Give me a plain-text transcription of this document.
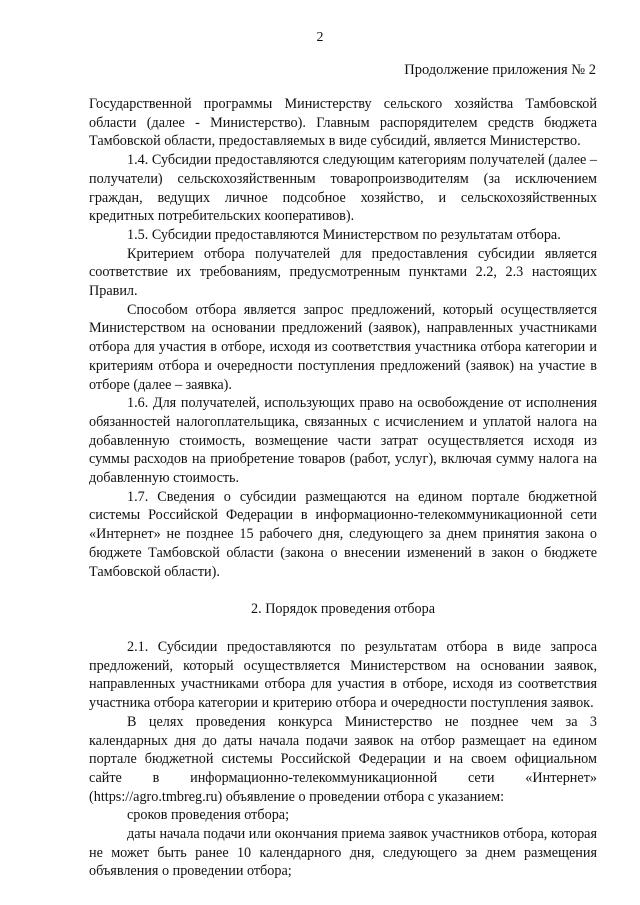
2
Продолжение приложения № 2

Государственной программы Министерству сельского хозяйства Тамбовской области (далее - Министерство). Главным распорядителем средств бюджета Тамбовской области, предоставляемых в виде субсидий, является Министерство.

1.4. Субсидии предоставляются следующим категориям получателей (далее – получатели) сельскохозяйственным товаропроизводителям (за исключением граждан, ведущих личное подсобное хозяйство, и сельскохозяйственных кредитных потребительских кооперативов).

1.5. Субсидии предоставляются Министерством по результатам отбора.

Критерием отбора получателей для предоставления субсидии является соответствие их требованиям, предусмотренным пунктами 2.2, 2.3 настоящих Правил.

Способом отбора является запрос предложений, который осуществляется Министерством на основании предложений (заявок), направленных участниками отбора для участия в отборе, исходя из соответствия участника отбора категории и критериям отбора и очередности поступления предложений (заявок) на участие в отборе (далее – заявка).

1.6. Для получателей, использующих право на освобождение от исполнения обязанностей налогоплательщика, связанных с исчислением и уплатой налога на добавленную стоимость, возмещение части затрат осуществляется исходя из суммы расходов на приобретение товаров (работ, услуг), включая сумму налога на добавленную стоимость.

1.7. Сведения о субсидии размещаются на едином портале бюджетной системы Российской Федерации в информационно-телекоммуникационной сети «Интернет» не позднее 15 рабочего дня, следующего за днем принятия закона о бюджете Тамбовской области (закона о внесении изменений в закон о бюджете Тамбовской области).

2. Порядок проведения отбора

2.1. Субсидии предоставляются по результатам отбора в виде запроса предложений, который осуществляется Министерством на основании заявок, направленных участниками отбора для участия в отборе, исходя из соответствия участника отбора категории и критерию отбора и очередности поступления заявок.

В целях проведения конкурса Министерство не позднее чем за 3 календарных дня до даты начала подачи заявок на отбор размещает на едином портале бюджетной системы Российской Федерации и на своем официальном сайте в информационно-телекоммуникационной сети «Интернет» (https://agro.tmbreg.ru) объявление о проведении отбора с указанием:

сроков проведения отбора;

даты начала подачи или окончания приема заявок участников отбора, которая не может быть ранее 10 календарного дня, следующего за днем размещения объявления о проведении отбора;
